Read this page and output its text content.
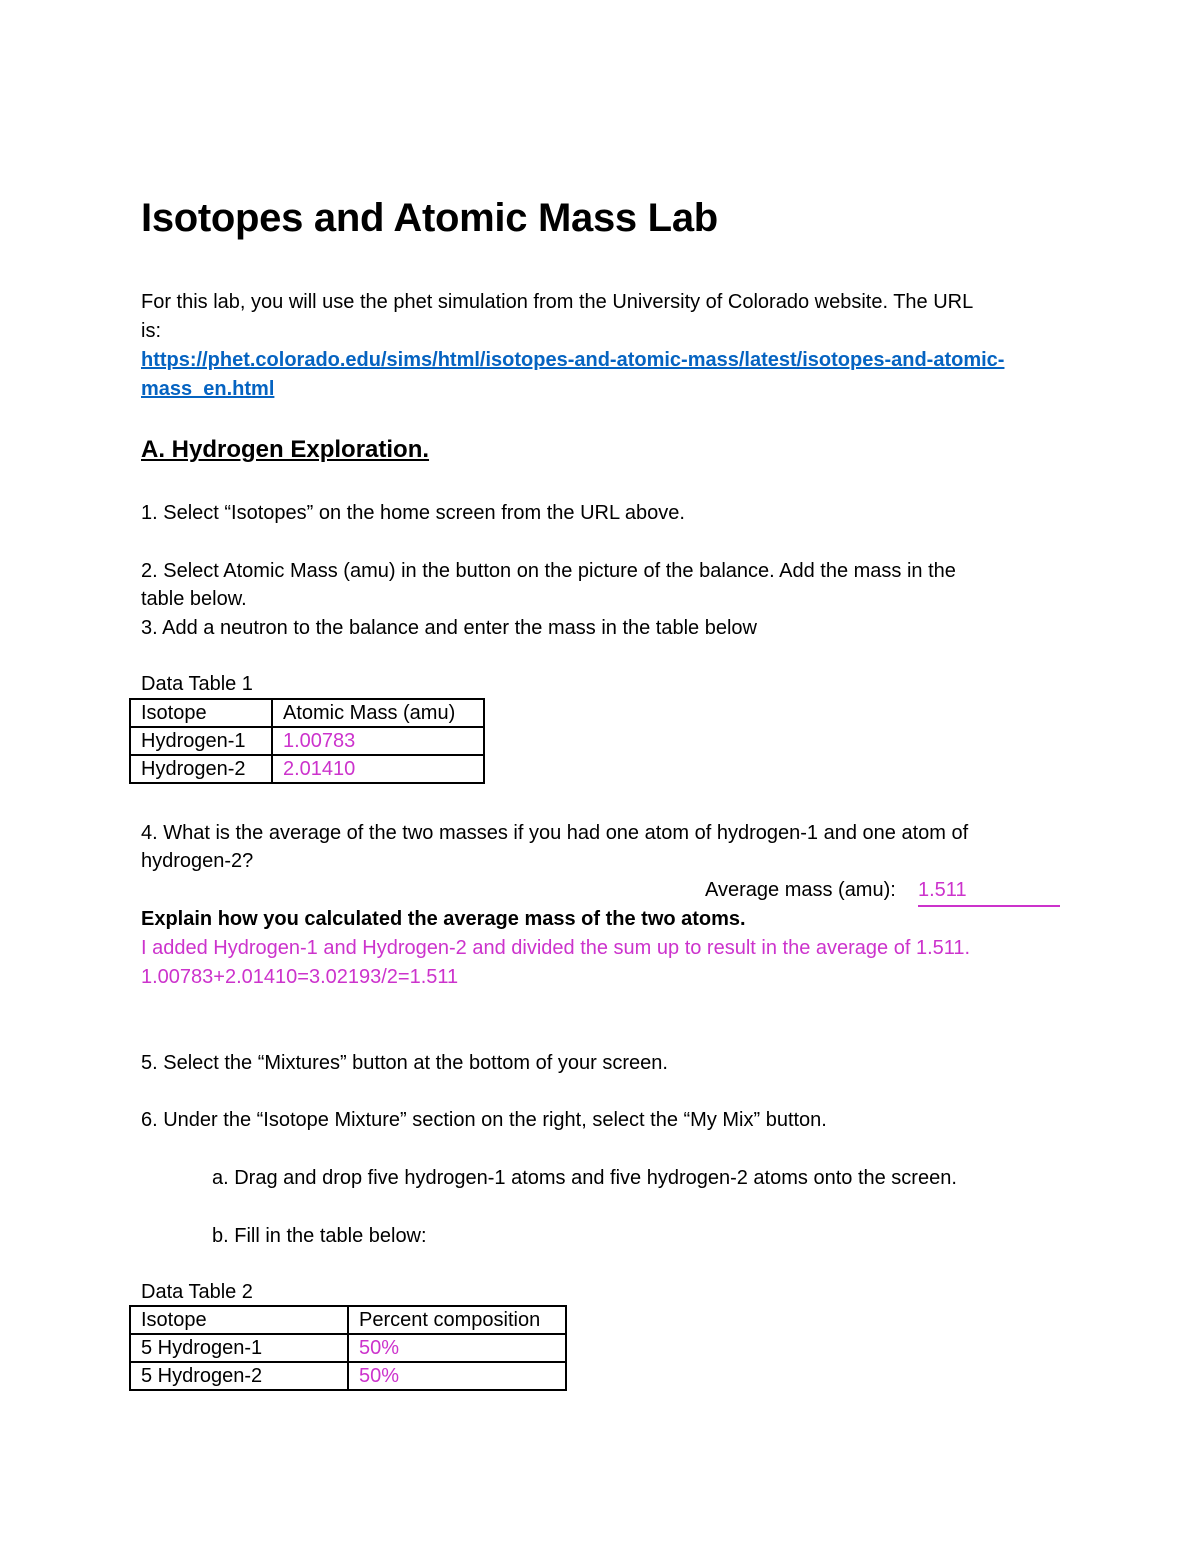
Isotopes and Atomic Mass Lab
For this lab, you will use the phet simulation from the University of Colorado website. The URL
is:
https://phet.colorado.edu/sims/html/isotopes-and-atomic-mass/latest/isotopes-and-atomic-
mass_en.html
A. Hydrogen Exploration.
1. Select “Isotopes” on the home screen from the URL above.
2. Select Atomic Mass (amu) in the button on the picture of the balance. Add the mass in the
table below.
3. Add a neutron to the balance and enter the mass in the table below
Data Table 1
Isotope	Atomic Mass (amu)
Hydrogen-1	1.00783
Hydrogen-2	2.01410
4. What is the average of the two masses if you had one atom of hydrogen-1 and one atom of
hydrogen-2?
Average mass (amu): 1.511
Explain how you calculated the average mass of the two atoms.
I added Hydrogen-1 and Hydrogen-2 and divided the sum up to result in the average of 1.511.
1.00783+2.01410=3.02193/2=1.511
5. Select the “Mixtures” button at the bottom of your screen.
6. Under the “Isotope Mixture” section on the right, select the “My Mix” button.
a. Drag and drop five hydrogen-1 atoms and five hydrogen-2 atoms onto the screen.
b. Fill in the table below:
Data Table 2
Isotope	Percent composition
5 Hydrogen-1	50%
5 Hydrogen-2	50%
